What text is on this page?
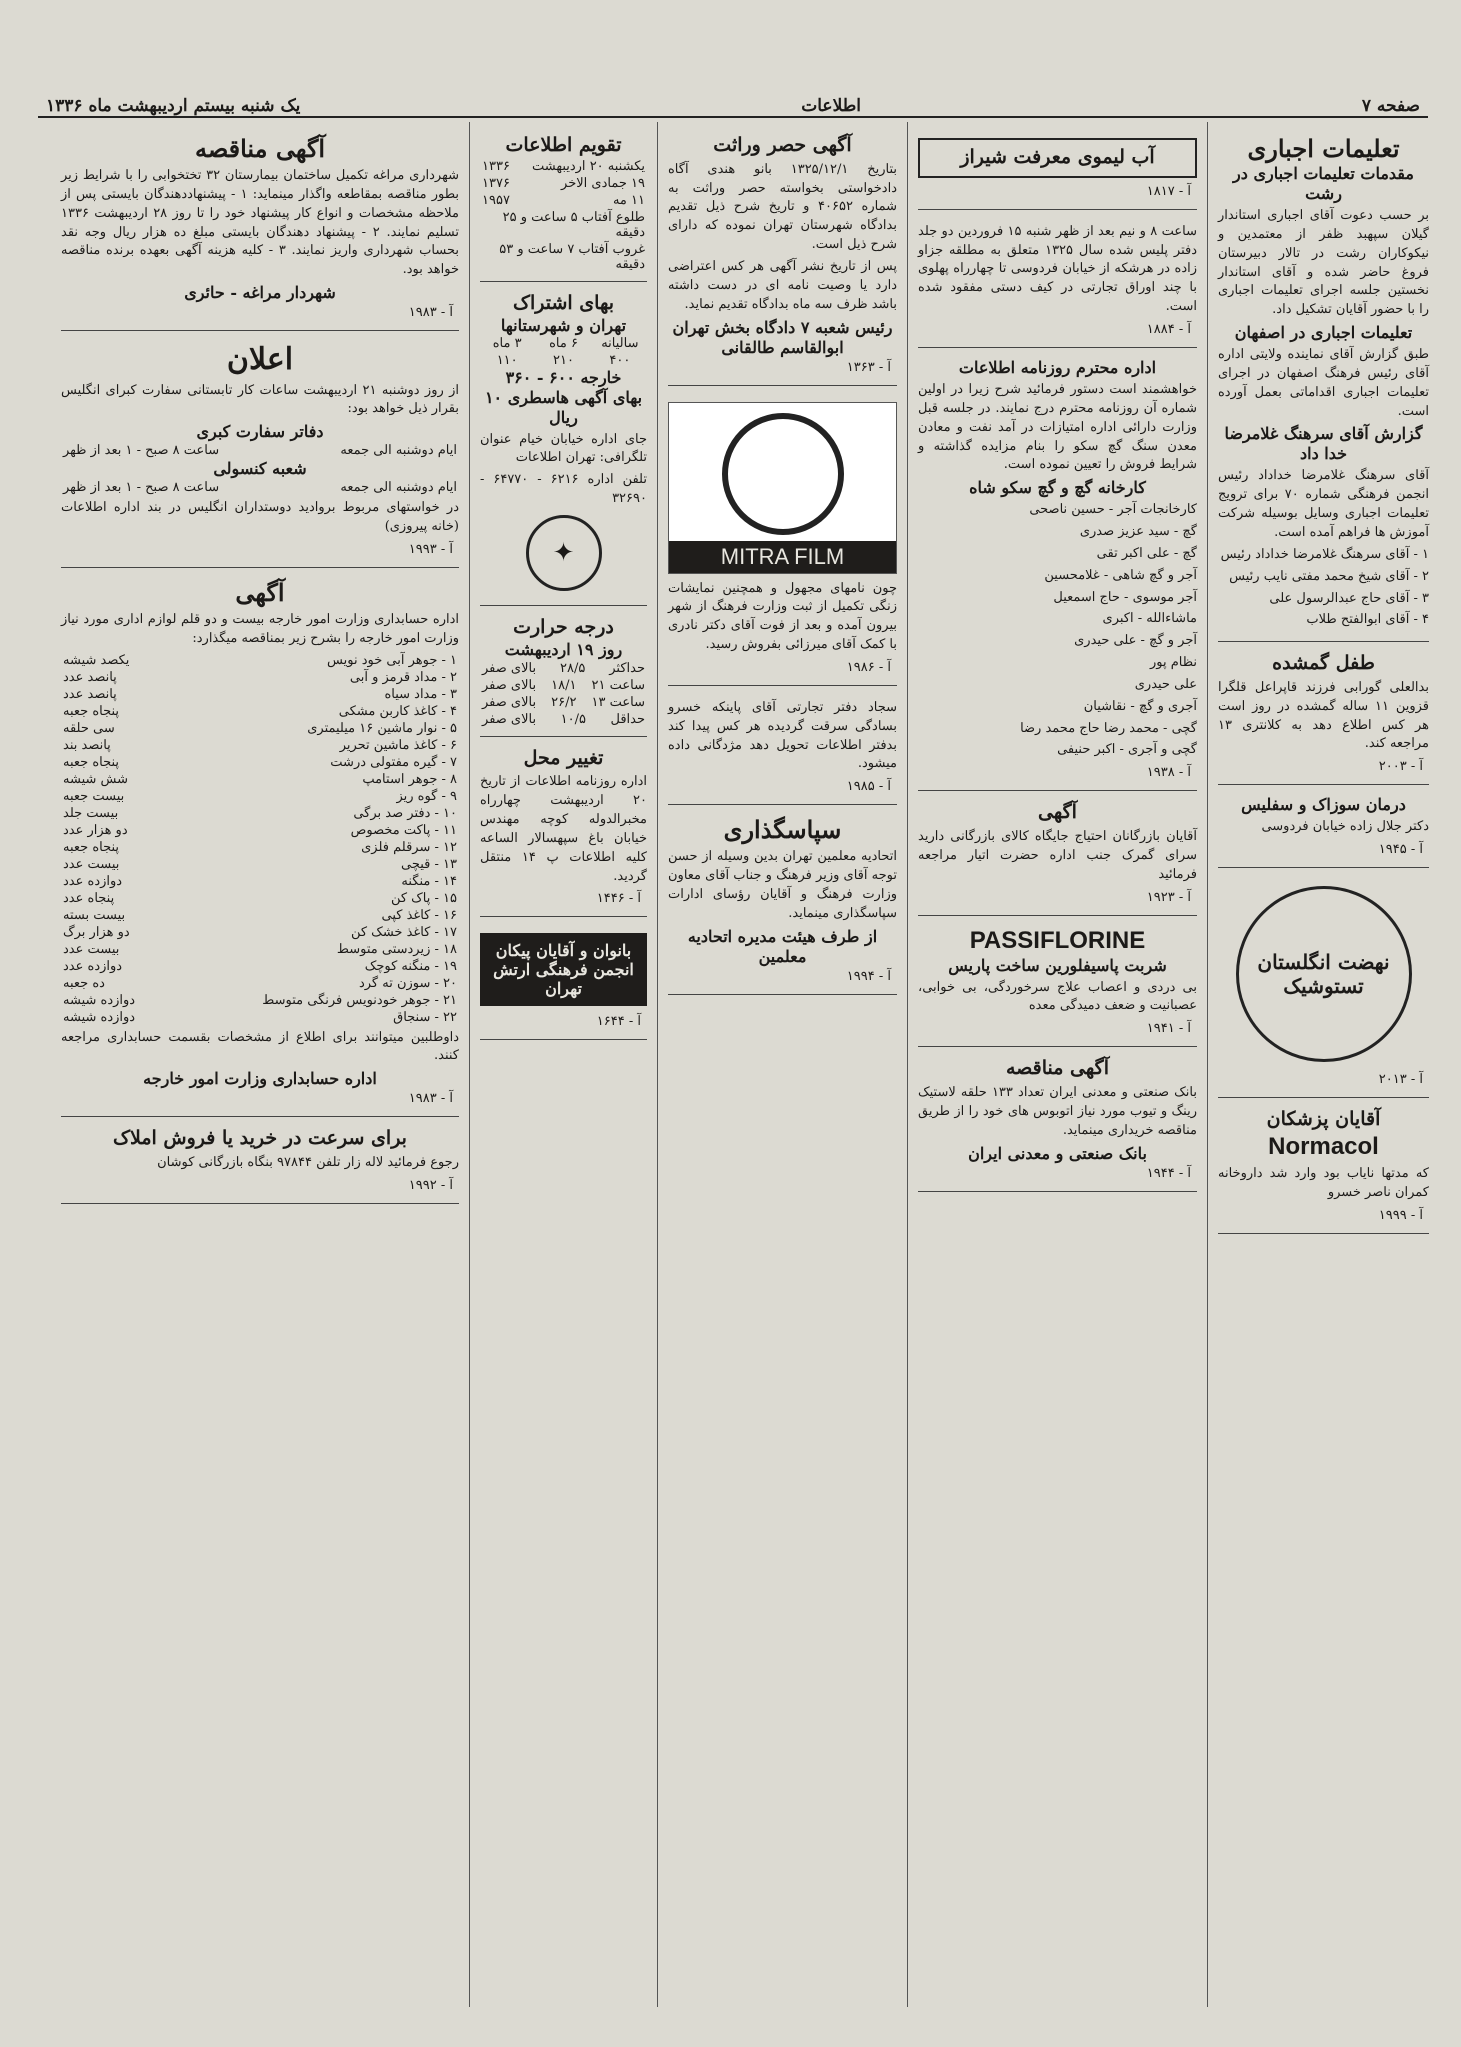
صفحه ۷
اطلاعات
یک شنبه بیستم اردیبهشت ماه ۱۳۳۶
تعلیمات اجباری
مقدمات تعلیمات اجباری در رشت

بر حسب دعوت آقای اجباری استاندار گیلان سپهبد ظفر از معتمدین و نیکوکاران رشت در تالار دبیرستان فروغ حاضر شده و آقای استاندار نخستین جلسه اجرای تعلیمات اجباری را با حضور آقایان تشکیل داد.

تعلیمات اجباری در اصفهان

طبق گزارش آقای نماینده ولایتی اداره آقای رئیس فرهنگ اصفهان در اجرای تعلیمات اجباری اقداماتی بعمل آورده است.

گزارش آقای سرهنگ غلامرضا خدا داد

آقای سرهنگ غلامرضا خداداد رئیس انجمن فرهنگی شماره ۷۰ برای ترویج تعلیمات اجباری وسایل بوسیله شرکت آموزش ها فراهم آمده است.

۱ - آقای سرهنگ غلامرضا خداداد رئیس
۲ - آقای شیخ محمد مفتی نایب رئیس
۳ - آقای حاج عبدالرسول علی
۴ - آقای ابوالفتح طلاب
طفل گمشده

بدالعلی گورابی فرزند قاپراعل قلگرا قزوین ۱۱ ساله گمشده در روز است هر کس اطلاع دهد به کلانتری ۱۳ مراجعه کند.

آ - ۲۰۰۳
درمان سوزاک و سفلیس

دکتر جلال زاده خیابان فردوسی

آ - ۱۹۴۵
نهضت انگلستان تستوشیک
آ - ۲۰۱۳
آقایان پزشکان
Normacol

که مدتها نایاب بود وارد شد داروخانه کمران ناصر خسرو

آ - ۱۹۹۹
آب لیموی معرفت شیراز
آ - ۱۸۱۷

ساعت ۸ و نیم بعد از ظهر شنبه ۱۵ فروردین دو جلد دفتر پلیس شده سال ۱۳۲۵ متعلق به مطلقه جزاو زاده در هرشکه از خیابان فردوسی تا چهارراه پهلوی با چند اوراق تجارتی در کیف دستی مفقود شده است.

آ - ۱۸۸۴
اداره محترم روزنامه اطلاعات

خواهشمند است دستور فرمائید شرح زیرا در اولین شماره آن روزنامه محترم درج نمایند. در جلسه قبل وزارت دارائی اداره امتیازات در آمد نفت و معادن معدن سنگ گچ سکو را بنام مزایده گذاشته و شرایط فروش را تعیین نموده است.

کارخانه گچ و گچ سکو شاه
کارخانجات آجر - حسین ناصحی
گچ - سید عزیز صدری
گچ - علی اکبر تقی
آجر و گچ شاهی - غلامحسین
آجر موسوی - حاج اسمعیل
ماشاءالله - اکبری
آجر و گچ - علی حیدری
نظام پور
علی حیدری
آجری و گچ - نقاشیان
گچی - محمد رضا حاج محمد رضا
گچی و آجری - اکبر حنیفی
آ - ۱۹۳۸
آگهی

آقایان بازرگانان احتیاج جایگاه کالای بازرگانی دارید سرای گمرک جنب اداره حضرت اتیار مراجعه فرمائید

آ - ۱۹۲۳
PASSIFLORINE
شربت پاسیفلورین ساخت پاریس

بی دردی و اعصاب علاج سرخوردگی، بی خوابی، عصبانیت و ضعف دمیدگی معده

آ - ۱۹۴۱
آگهی مناقصه

بانک صنعتی و معدنی ایران تعداد ۱۳۳ حلقه لاستیک رینگ و تیوب مورد نیاز اتوبوس های خود را از طریق مناقصه خریداری مینماید.

بانک صنعتی و معدنی ایران
آ - ۱۹۴۴
آگهی حصر وراثت

بتاریخ ۱۳۲۵/۱۲/۱ بانو هندی آگاه دادخواستی بخواسته حصر وراثت به شماره ۴۰۶۵۲ و تاریخ شرح ذیل تقدیم بدادگاه شهرستان تهران نموده که دارای شرح ذیل است.

پس از تاریخ نشر آگهی هر کس اعتراضی دارد یا وصیت نامه ای در دست داشته باشد ظرف سه ماه بدادگاه تقدیم نماید.

رئیس شعبه ۷ دادگاه بخش تهران
ابوالقاسم طالقانی
آ - ۱۳۶۳
MITRA FILM

چون نامهای مجهول و همچنین نمایشات زنگی تکمیل از ثبت وزارت فرهنگ از شهر بیرون آمده و بعد از فوت آقای دکتر نادری با کمک آقای میرزائی بفروش رسید.

آ - ۱۹۸۶

سجاد دفتر تجارتی آقای پاینکه خسرو بسادگی سرقت گردیده هر کس پیدا کند بدفتر اطلاعات تحویل دهد مژدگانی داده میشود.

آ - ۱۹۸۵
سپاسگذاری

اتحادیه معلمین تهران بدین وسیله از حسن توجه آقای وزیر فرهنگ و جناب آقای معاون وزارت فرهنگ و آقایان رؤسای ادارات سپاسگذاری مینماید.

از طرف هیئت مدیره اتحادیه معلمین
آ - ۱۹۹۴
تقویم اطلاعات
یکشنبه ۲۰ اردیبهشت
۱۳۳۶
۱۹ جمادی الاخر
۱۳۷۶
۱۱ مه
۱۹۵۷
طلوع آفتاب ۵ ساعت و ۲۵ دقیقه
غروب آفتاب ۷ ساعت و ۵۳ دقیقه
بهای اشتراک
تهران و شهرستانها
سالیانه
۶ ماه
۳ ماه
۴۰۰
۲۱۰
۱۱۰
خارجه ۶۰۰ - ۳۶۰
بهای آگهی هاسطری ۱۰ ریال

جای اداره خیابان خیام عنوان تلگرافی: تهران اطلاعات

تلفن اداره ۶۲۱۶ - ۶۴۷۷۰ - ۳۲۶۹۰

✦
درجه حرارت
روز ۱۹ اردیبهشت
حداکثر
۲۸/۵
بالای صفر
ساعت ۲۱
۱۸/۱
بالای صفر
ساعت ۱۳
۲۶/۲
بالای صفر
حداقل
۱۰/۵
بالای صفر
تغییر محل

اداره روزنامه اطلاعات از تاریخ ۲۰ اردیبهشت چهارراه مخبرالدوله کوچه مهندس خیابان باغ سپهسالار الساعه کلیه اطلاعات پ ۱۴ منتقل گردید.

آ - ۱۴۴۶
بانوان و آقایان پیکان انجمن فرهنگی ارتش تهران
آ - ۱۶۴۴
آگهی مناقصه

شهرداری مراغه تکمیل ساختمان بیمارستان ۳۲ تختخوابی را با شرایط زیر بطور مناقصه بمقاطعه واگذار مینماید: ۱ - پیشنهاددهندگان بایستی پس از ملاحظه مشخصات و انواع کار پیشنهاد خود را تا روز ۲۸ اردیبهشت ۱۳۳۶ تسلیم نمایند. ۲ - پیشنهاد دهندگان بایستی مبلغ ده هزار ریال وجه نقد بحساب شهرداری واریز نمایند. ۳ - کلیه هزینه آگهی بعهده برنده مناقصه خواهد بود.

شهردار مراغه - حائری
آ - ۱۹۸۳
اعلان

از روز دوشنبه ۲۱ اردیبهشت ساعات کار تابستانی سفارت کبرای انگلیس بقرار ذیل خواهد بود:

دفاتر سفارت کبری
ایام دوشنبه الی جمعه
ساعت ۸ صبح - ۱ بعد از ظهر
شعبه کنسولی
ایام دوشنبه الی جمعه
ساعت ۸ صبح - ۱ بعد از ظهر

در خواستهای مربوط بروادید دوستداران انگلیس در بند اداره اطلاعات (خانه پیروزی)

آ - ۱۹۹۳
آگهی

اداره حسابداری وزارت امور خارجه بیست و دو قلم لوازم اداری مورد نیاز وزارت امور خارجه را بشرح زیر بمناقصه میگذارد:

۱ - جوهر آبی خود نویس
یکصد شیشه
۲ - مداد قرمز و آبی
پانصد عدد
۳ - مداد سیاه
پانصد عدد
۴ - کاغذ کاربن مشکی
پنجاه جعبه
۵ - نوار ماشین ۱۶ میلیمتری
سی حلقه
۶ - کاغذ ماشین تحریر
پانصد بند
۷ - گیره مفتولی درشت
پنجاه جعبه
۸ - جوهر استامپ
شش شیشه
۹ - گوه ریز
بیست جعبه
۱۰ - دفتر صد برگی
بیست جلد
۱۱ - پاکت مخصوص
دو هزار عدد
۱۲ - سرقلم فلزی
پنجاه جعبه
۱۳ - قیچی
بیست عدد
۱۴ - منگنه
دوازده عدد
۱۵ - پاک کن
پنجاه عدد
۱۶ - کاغذ کپی
بیست بسته
۱۷ - کاغذ خشک کن
دو هزار برگ
۱۸ - زیردستی متوسط
بیست عدد
۱۹ - منگنه کوچک
دوازده عدد
۲۰ - سوزن ته گرد
ده جعبه
۲۱ - جوهر خودنویس فرنگی متوسط
دوازده شیشه
۲۲ - سنجاق
دوازده شیشه

داوطلبین میتوانند برای اطلاع از مشخصات بقسمت حسابداری مراجعه کنند.

اداره حسابداری وزارت امور خارجه
آ - ۱۹۸۳
برای سرعت در خرید یا فروش املاک

رجوع فرمائید لاله زار تلفن ۹۷۸۴۴ بنگاه بازرگانی کوشان

آ - ۱۹۹۲
